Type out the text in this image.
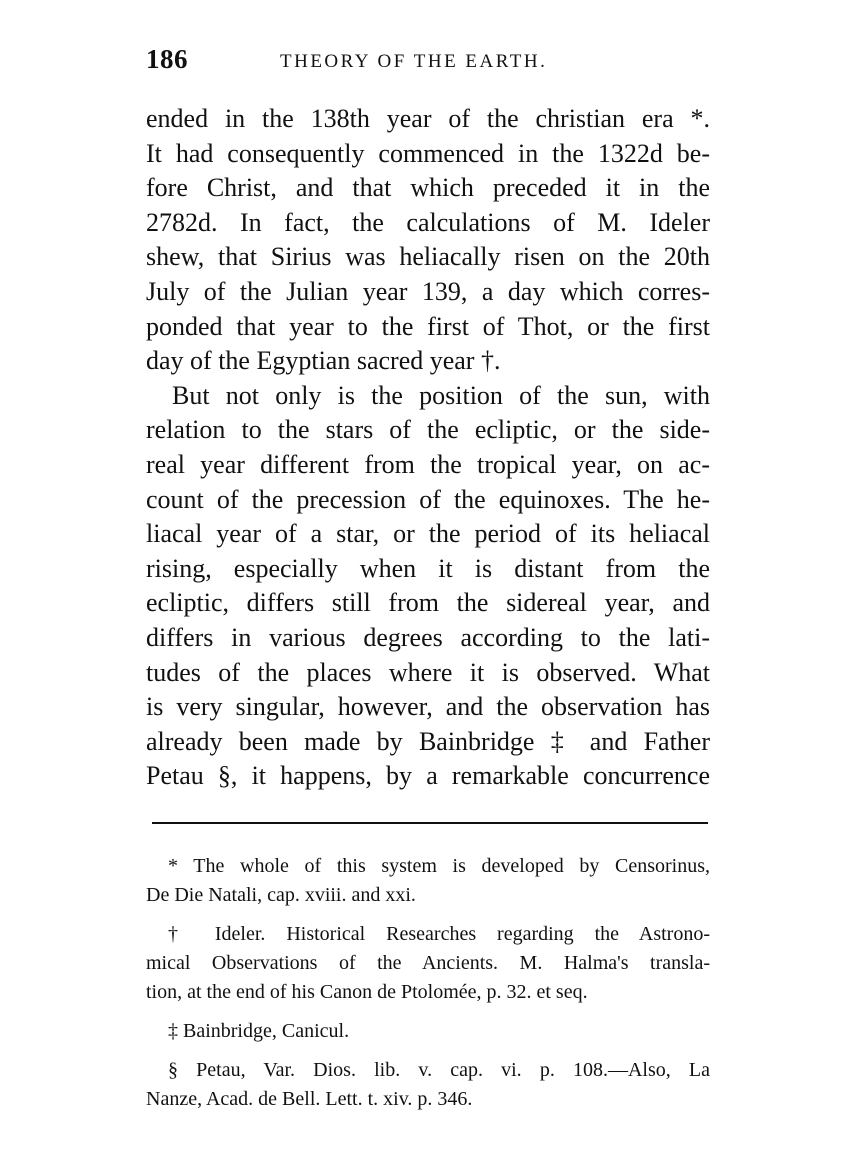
186	THEORY OF THE EARTH.
ended in the 138th year of the christian era *.
It had consequently commenced in the 1322d be-
fore Christ, and that which preceded it in the
2782d. In fact, the calculations of M. Ideler
shew, that Sirius was heliacally risen on the 20th
July of the Julian year 139, a day which corres-
ponded that year to the first of Thot, or the first
day of the Egyptian sacred year †.
But not only is the position of the sun, with
relation to the stars of the ecliptic, or the side-
real year different from the tropical year, on ac-
count of the precession of the equinoxes. The he-
liacal year of a star, or the period of its heliacal
rising, especially when it is distant from the
ecliptic, differs still from the sidereal year, and
differs in various degrees according to the lati-
tudes of the places where it is observed. What
is very singular, however, and the observation has
already been made by Bainbridge ‡ and Father
Petau §, it happens, by a remarkable concurrence
* The whole of this system is developed by Censorinus,
De Die Natali, cap. xviii. and xxi.
† Ideler. Historical Researches regarding the Astrono-
mical Observations of the Ancients. M. Halma's transla-
tion, at the end of his Canon de Ptolomée, p. 32. et seq.
‡ Bainbridge, Canicul.
§ Petau, Var. Dios. lib. v. cap. vi. p. 108.—Also, La
Nanze, Acad. de Bell. Lett. t. xiv. p. 346.
